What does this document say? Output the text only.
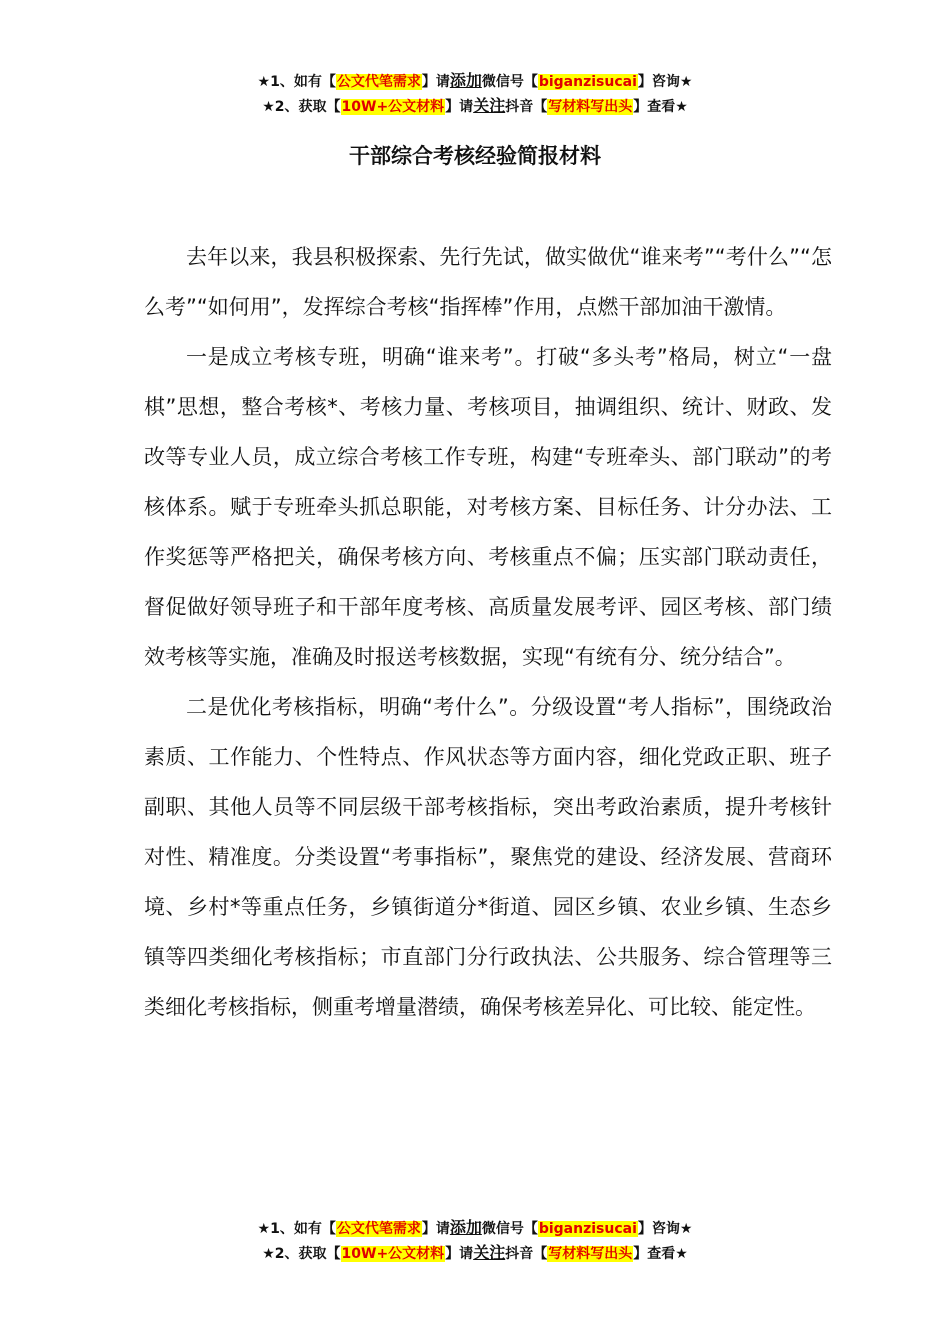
★1、如有【公文代笔需求】请添加微信号【biganzisucai】咨询★
★2、获取【10W+公文材料】请关注抖音【写材料写出头】查看★
干部综合考核经验简报材料

去年以来，我县积极探索、先行先试，做实做优“谁来考”“考什么”“怎么考”“如何用”，发挥综合考核“指挥棒”作用，点燃干部加油干激情。

一是成立考核专班，明确“谁来考”。打破“多头考”格局，树立“一盘棋”思想，整合考核*、考核力量、考核项目，抽调组织、统计、财政、发改等专业人员，成立综合考核工作专班，构建“专班牵头、部门联动”的考核体系。赋于专班牵头抓总职能，对考核方案、目标任务、计分办法、工作奖惩等严格把关，确保考核方向、考核重点不偏；压实部门联动责任，督促做好领导班子和干部年度考核、高质量发展考评、园区考核、部门绩效考核等实施，准确及时报送考核数据，实现“有统有分、统分结合”。

二是优化考核指标，明确“考什么”。分级设置“考人指标”，围绕政治素质、工作能力、个性特点、作风状态等方面内容，细化党政正职、班子副职、其他人员等不同层级干部考核指标，突出考政治素质，提升考核针对性、精准度。分类设置“考事指标”，聚焦党的建设、经济发展、营商环境、乡村*等重点任务，乡镇街道分*街道、园区乡镇、农业乡镇、生态乡镇等四类细化考核指标；市直部门分行政执法、公共服务、综合管理等三类细化考核指标，侧重考增量潜绩，确保考核差异化、可比较、能定性。

★1、如有【公文代笔需求】请添加微信号【biganzisucai】咨询★
★2、获取【10W+公文材料】请关注抖音【写材料写出头】查看★
